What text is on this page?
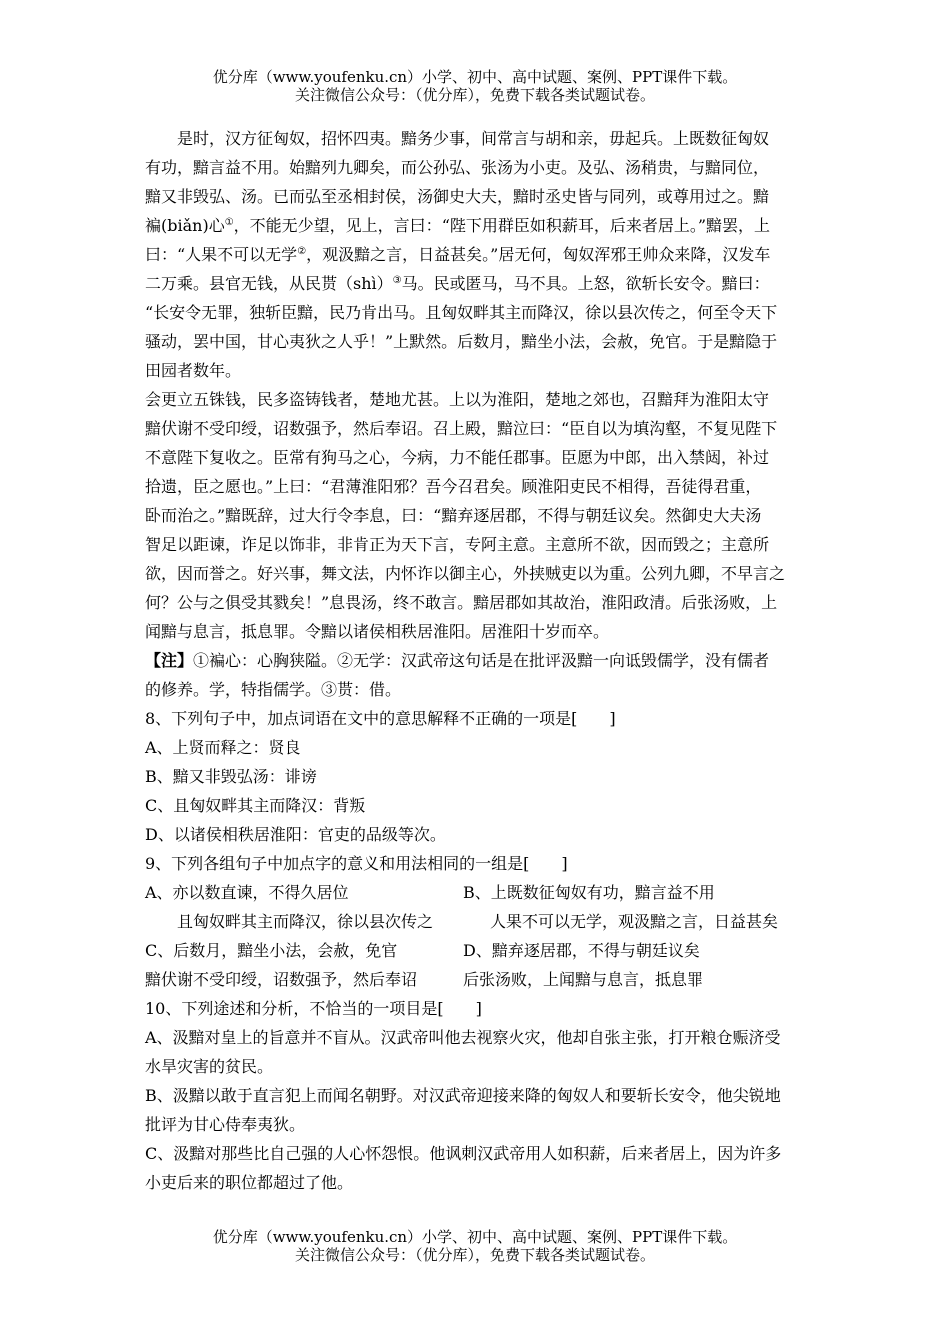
优分库（www.youfenku.cn）小学、初中、高中试题、案例、PPT课件下载。
关注微信公众号：（优分库），免费下载各类试题试卷。

是时，汉方征匈奴，招怀四夷。黯务少事，间常言与胡和亲，毋起兵。上既数征匈奴

有功，黯言益不用。始黯列九卿矣，而公孙弘、张汤为小吏。及弘、汤稍贵，与黯同位，

黯又非毁弘、汤。已而弘至丞相封侯，汤御史大夫，黯时丞史皆与同列，或尊用过之。黯

褊(biǎn)心①，不能无少望，见上，言曰：“陛下用群臣如积薪耳，后来者居上。”黯罢，上

曰：“人果不可以无学②，观汲黯之言，日益甚矣。”居无何，匈奴浑邪王帅众来降，汉发车

二万乘。县官无钱，从民贳（shì）③马。民或匿马，马不具。上怒，欲斩长安令。黯曰：

“长安令无罪，独斩臣黯，民乃肯出马。且匈奴畔其主而降汉，徐以县次传之，何至令天下

骚动，罢中国，甘心夷狄之人乎！”上默然。后数月，黯坐小法，会赦，免官。于是黯隐于

田园者数年。

会更立五铢钱，民多盗铸钱者，楚地尤甚。上以为淮阳，楚地之郊也，召黯拜为淮阳太守

黯伏谢不受印绶，诏数强予，然后奉诏。召上殿，黯泣曰：“臣自以为填沟壑，不复见陛下

不意陛下复收之。臣常有狗马之心，今病，力不能任郡事。臣愿为中郎，出入禁闼，补过

拾遗，臣之愿也。”上曰：“君薄淮阳邪？吾今召君矣。顾淮阳吏民不相得，吾徒得君重，

卧而治之。”黯既辞，过大行令李息，曰：“黯弃逐居郡，不得与朝廷议矣。然御史大夫汤

智足以距谏，诈足以饰非，非肯正为天下言，专阿主意。主意所不欲，因而毁之；主意所

欲，因而誉之。好兴事，舞文法，内怀诈以御主心，外挟贼吏以为重。公列九卿，不早言之

何？公与之俱受其戮矣！”息畏汤，终不敢言。黯居郡如其故治，淮阳政清。后张汤败，上

闻黯与息言，抵息罪。令黯以诸侯相秩居淮阳。居淮阳十岁而卒。

【注】①褊心：心胸狭隘。②无学：汉武帝这句话是在批评汲黯一向诋毁儒学，没有儒者

的修养。学，特指儒学。③贳：借。

8、下列句子中，加点词语在文中的意思解释不正确的一项是[　　]

A、上贤而释之：贤良

B、黯又非毁弘汤：诽谤

C、且匈奴畔其主而降汉：背叛

D、以诸侯相秩居淮阳：官吏的品级等次。

9、下列各组句子中加点字的意义和用法相同的一组是[　　]

A、亦以数直谏，不得久居位	B、上既数征匈奴有功，黯言益不用
且匈奴畔其主而降汉，徐以县次传之	人果不可以无学，观汲黯之言，日益甚矣
C、后数月，黯坐小法，会赦，免官	D、黯弃逐居郡，不得与朝廷议矣
黯伏谢不受印绶，诏数强予，然后奉诏	后张汤败，上闻黯与息言，抵息罪

10、下列途述和分析，不恰当的一项目是[　　]

A、汲黯对皇上的旨意并不盲从。汉武帝叫他去视察火灾，他却自张主张，打开粮仓赈济受

水旱灾害的贫民。

B、汲黯以敢于直言犯上而闻名朝野。对汉武帝迎接来降的匈奴人和要斩长安令，他尖锐地

批评为甘心侍奉夷狄。

C、汲黯对那些比自己强的人心怀怨恨。他讽刺汉武帝用人如积薪，后来者居上，因为许多

小吏后来的职位都超过了他。

优分库（www.youfenku.cn）小学、初中、高中试题、案例、PPT课件下载。
关注微信公众号：（优分库），免费下载各类试题试卷。
